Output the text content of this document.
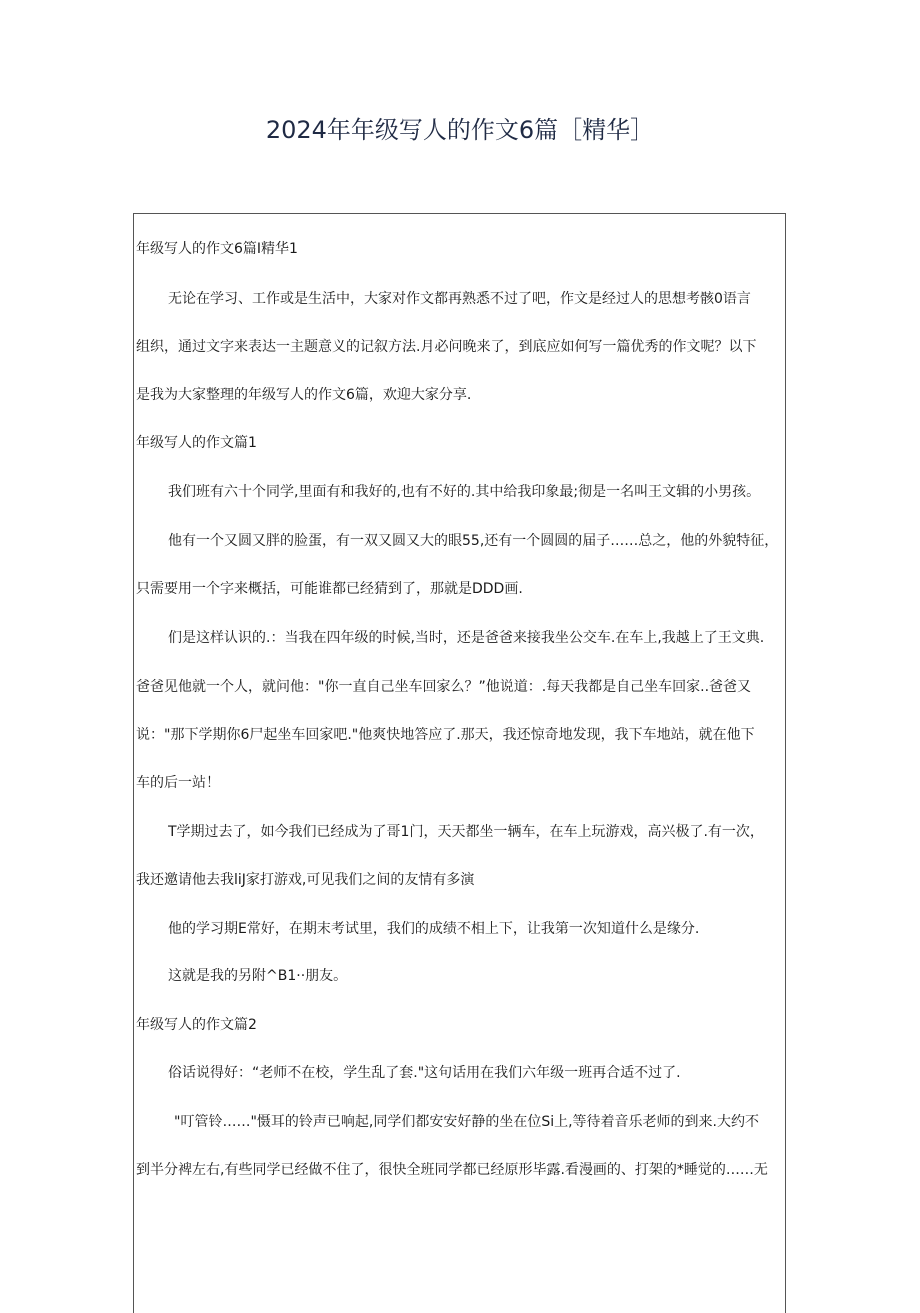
2024年年级写人的作文6篇［精华］
年级写人的作文6篇I精华1
无论在学习、工作或是生活中，大家对作文都再熟悉不过了吧，作文是经过人的思想考骸0语言
组织，通过文字来表达一主题意义的记叙方法.月必问晚来了，到底应如何写一篇优秀的作文呢？以下
是我为大家整理的年级写人的作文6篇，欢迎大家分享.
年级写人的作文篇1
我们班有六十个同学,里面有和我好的,也有不好的.其中给我印象最;彻是一名叫王文辑的小男孩。
他有一个又圆又胖的脸蛋，有一双又圆又大的眼55,还有一个圆圆的届子……总之，他的外貌特征，
只需要用一个字来概括，可能谁都已经猜到了，那就是DDD画.
们是这样认识的.：当我在四年级的时候,当时，还是爸爸来接我坐公交车.在车上,我越上了王文典.
爸爸见他就一个人，就问他："你一直自己坐车回家么？”他说道：.每天我都是自己坐车回家..爸爸又
说："那下学期你6尸起坐车回家吧."他爽快地答应了.那天，我还惊奇地发现，我下车地站，就在他下
车的后一站！
T学期过去了，如今我们已经成为了哥1门，天天都坐一辆车，在车上玩游戏，高兴极了.有一次，
我还邀请他去我liJ家打游戏,可见我们之间的友情有多演
他的学习期E常好，在期末考试里，我们的成绩不相上下，让我第一次知道什么是缘分.
这就是我的另附^B1··朋友。
年级写人的作文篇2
俗话说得好：“老师不在校，学生乱了套."这句话用在我们六年级一班再合适不过了.
"叮管铃……"慑耳的铃声已响起,同学们都安安好静的坐在位Si上,等待着音乐老师的到来.大约不
到半分裨左右,有些同学已经做不住了，很快全班同学都已经原形毕露.看漫画的、打架的*睡觉的……无
